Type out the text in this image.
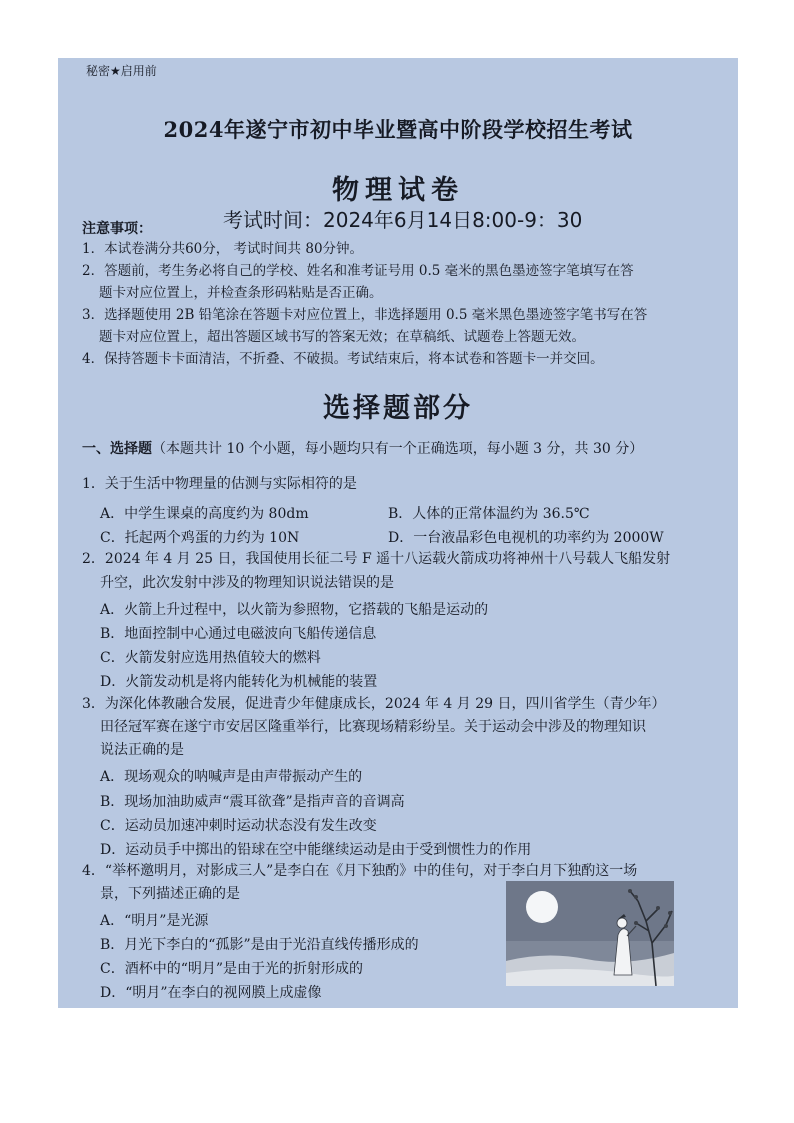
秘密★启用前
2024年遂宁市初中毕业暨高中阶段学校招生考试
物理试卷
注意事项：	考试时间：2024年6月14日8:00-9：30
1．本试卷满分共60分， 考试时间共 80分钟。
2．答题前，考生务必将自己的学校、姓名和准考证号用 0.5 毫米的黑色墨迹签字笔填写在答
题卡对应位置上，并检查条形码粘贴是否正确。
3．选择题使用 2B 铅笔涂在答题卡对应位置上，非选择题用 0.5 毫米黑色墨迹签字笔书写在答
题卡对应位置上，超出答题区域书写的答案无效；在草稿纸、试题卷上答题无效。
4．保持答题卡卡面清洁，不折叠、不破损。考试结束后，将本试卷和答题卡一并交回。
选择题部分
一、选择题（本题共计 10 个小题，每小题均只有一个正确选项，每小题 3 分，共 30 分）
1．关于生活中物理量的估测与实际相符的是
A．中学生课桌的高度约为 80dm	B．人体的正常体温约为 36.5℃
C．托起两个鸡蛋的力约为 10N	D．一台液晶彩色电视机的功率约为 2000W
2．2024 年 4 月 25 日，我国使用长征二号 F 遥十八运载火箭成功将神州十八号载人飞船发射
升空，此次发射中涉及的物理知识说法错误的是
A．火箭上升过程中，以火箭为参照物，它搭载的飞船是运动的
B．地面控制中心通过电磁波向飞船传递信息
C．火箭发射应选用热值较大的燃料
D．火箭发动机是将内能转化为机械能的装置
3．为深化体教融合发展，促进青少年健康成长，2024 年 4 月 29 日，四川省学生（青少年）
田径冠军赛在遂宁市安居区隆重举行，比赛现场精彩纷呈。关于运动会中涉及的物理知识
说法正确的是
A．现场观众的呐喊声是由声带振动产生的
B．现场加油助威声“震耳欲聋”是指声音的音调高
C．运动员加速冲刺时运动状态没有发生改变
D．运动员手中掷出的铅球在空中能继续运动是由于受到惯性力的作用
4．“举杯邀明月，对影成三人”是李白在《月下独酌》中的佳句，对于李白月下独酌这一场
景，下列描述正确的是
A．“明月”是光源
B．月光下李白的“孤影”是由于光沿直线传播形成的
C．酒杯中的“明月”是由于光的折射形成的
D．“明月”在李白的视网膜上成虚像
